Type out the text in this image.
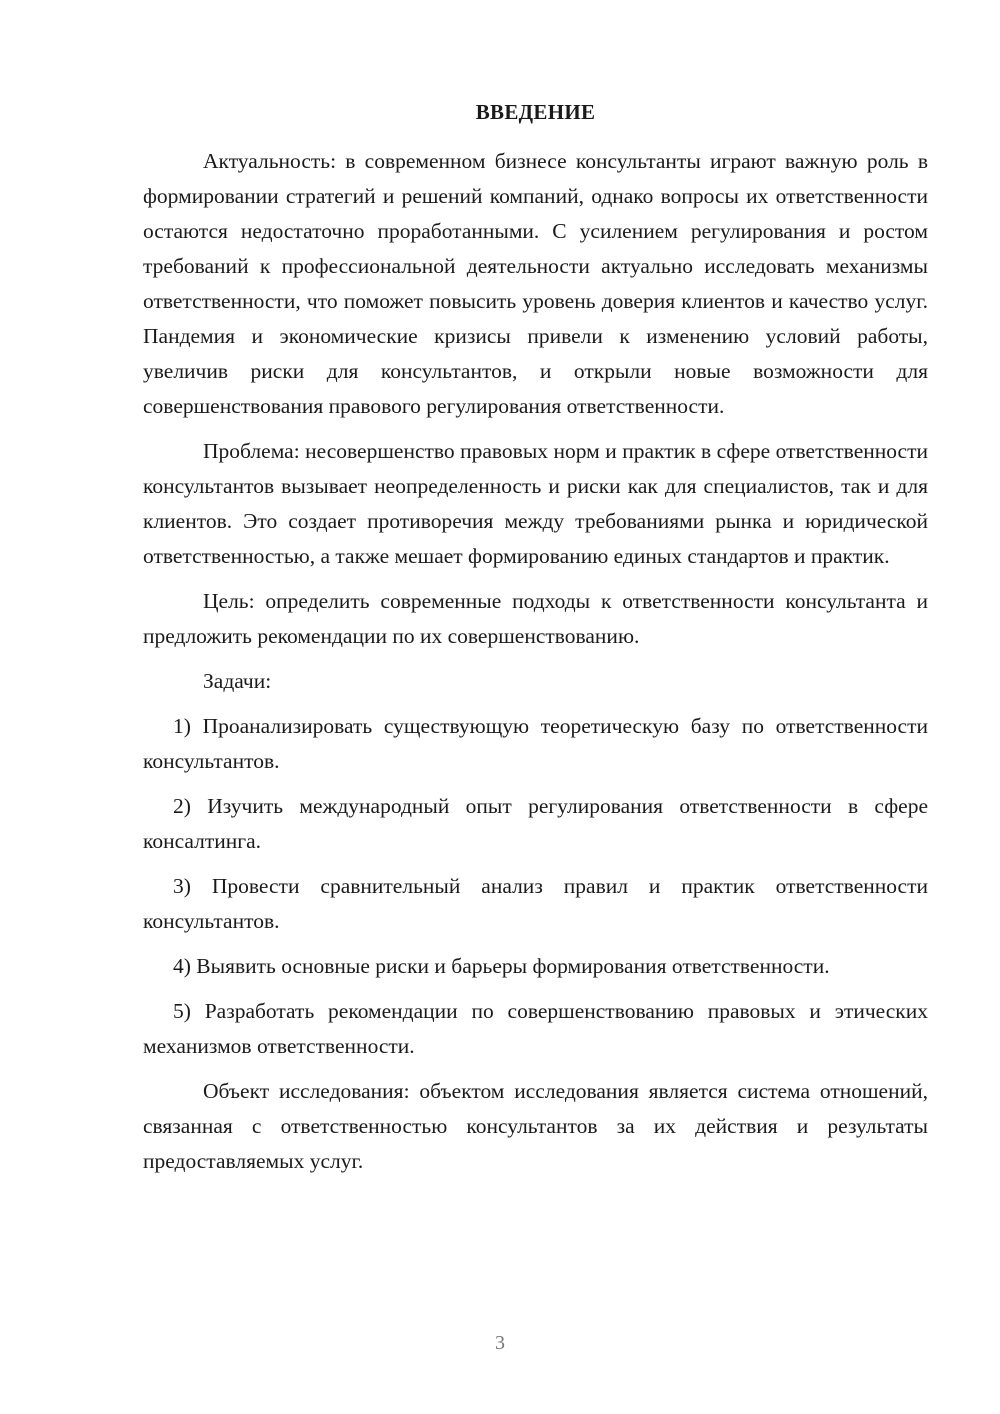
ВВЕДЕНИЕ

Актуальность: в современном бизнесе консультанты играют важную роль в формировании стратегий и решений компаний, однако вопросы их ответственности остаются недостаточно проработанными. С усилением регулирования и ростом требований к профессиональной деятельности актуально исследовать механизмы ответственности, что поможет повысить уровень доверия клиентов и качество услуг. Пандемия и экономические кризисы привели к изменению условий работы, увеличив риски для консультантов, и открыли новые возможности для совершенствования правового регулирования ответственности.

Проблема: несовершенство правовых норм и практик в сфере ответственности консультантов вызывает неопределенность и риски как для специалистов, так и для клиентов. Это создает противоречия между требованиями рынка и юридической ответственностью, а также мешает формированию единых стандартов и практик.

Цель: определить современные подходы к ответственности консультанта и предложить рекомендации по их совершенствованию.

Задачи:

1) Проанализировать существующую теоретическую базу по ответственности консультантов.

2) Изучить международный опыт регулирования ответственности в сфере консалтинга.

3) Провести сравнительный анализ правил и практик ответственности консультантов.

4) Выявить основные риски и барьеры формирования ответственности.

5) Разработать рекомендации по совершенствованию правовых и этических механизмов ответственности.

Объект исследования: объектом исследования является система отношений, связанная с ответственностью консультантов за их действия и результаты предоставляемых услуг.

3
